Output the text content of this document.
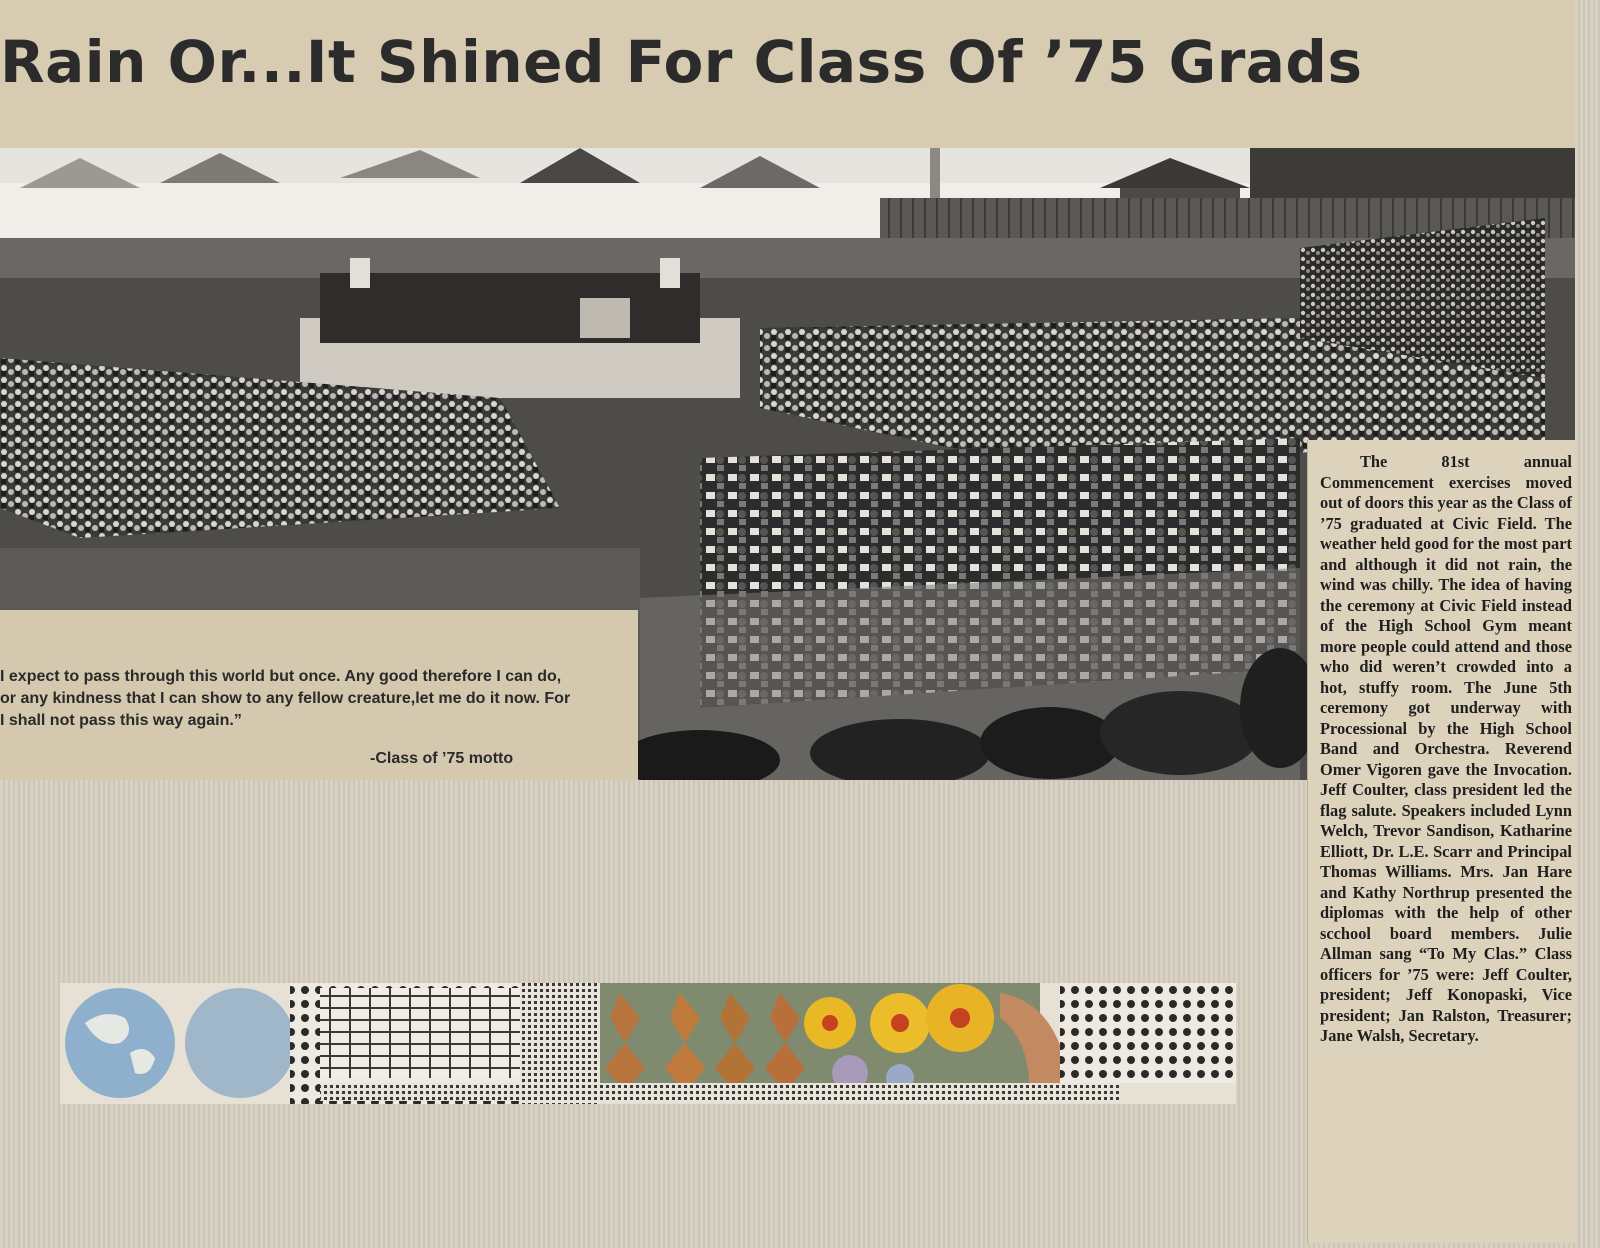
Rain Or...It Shined For Class Of ’75 Grads
I expect to pass through this world but once. Any good therefore I can do, or any kindness that I can show to any fellow creature,let me do it now. For I shall not pass this way again.”
-Class of ’75 motto
The 81st annual Commencement exercises moved out of doors this year as the Class of ’75 graduated at Civic Field. The weather held good for the most part and although it did not rain, the wind was chilly. The idea of having the ceremony at Civic Field instead of the High School Gym meant more people could attend and those who did weren’t crowded into a hot, stuffy room. The June 5th ceremony got underway with Processional by the High School Band and Orchestra. Reverend Omer Vigoren gave the Invocation. Jeff Coulter, class president led the flag salute. Speakers included Lynn Welch, Trevor Sandison, Katharine Elliott, Dr. L.E. Scarr and Principal Thomas Williams. Mrs. Jan Hare and Kathy Northrup presented the diplomas with the help of other scchool board members. Julie Allman sang “To My Clas.” Class officers for ’75 were: Jeff Coulter, president; Jeff Konopaski, Vice president; Jan Ralston, Treasurer; Jane Walsh, Secretary.
